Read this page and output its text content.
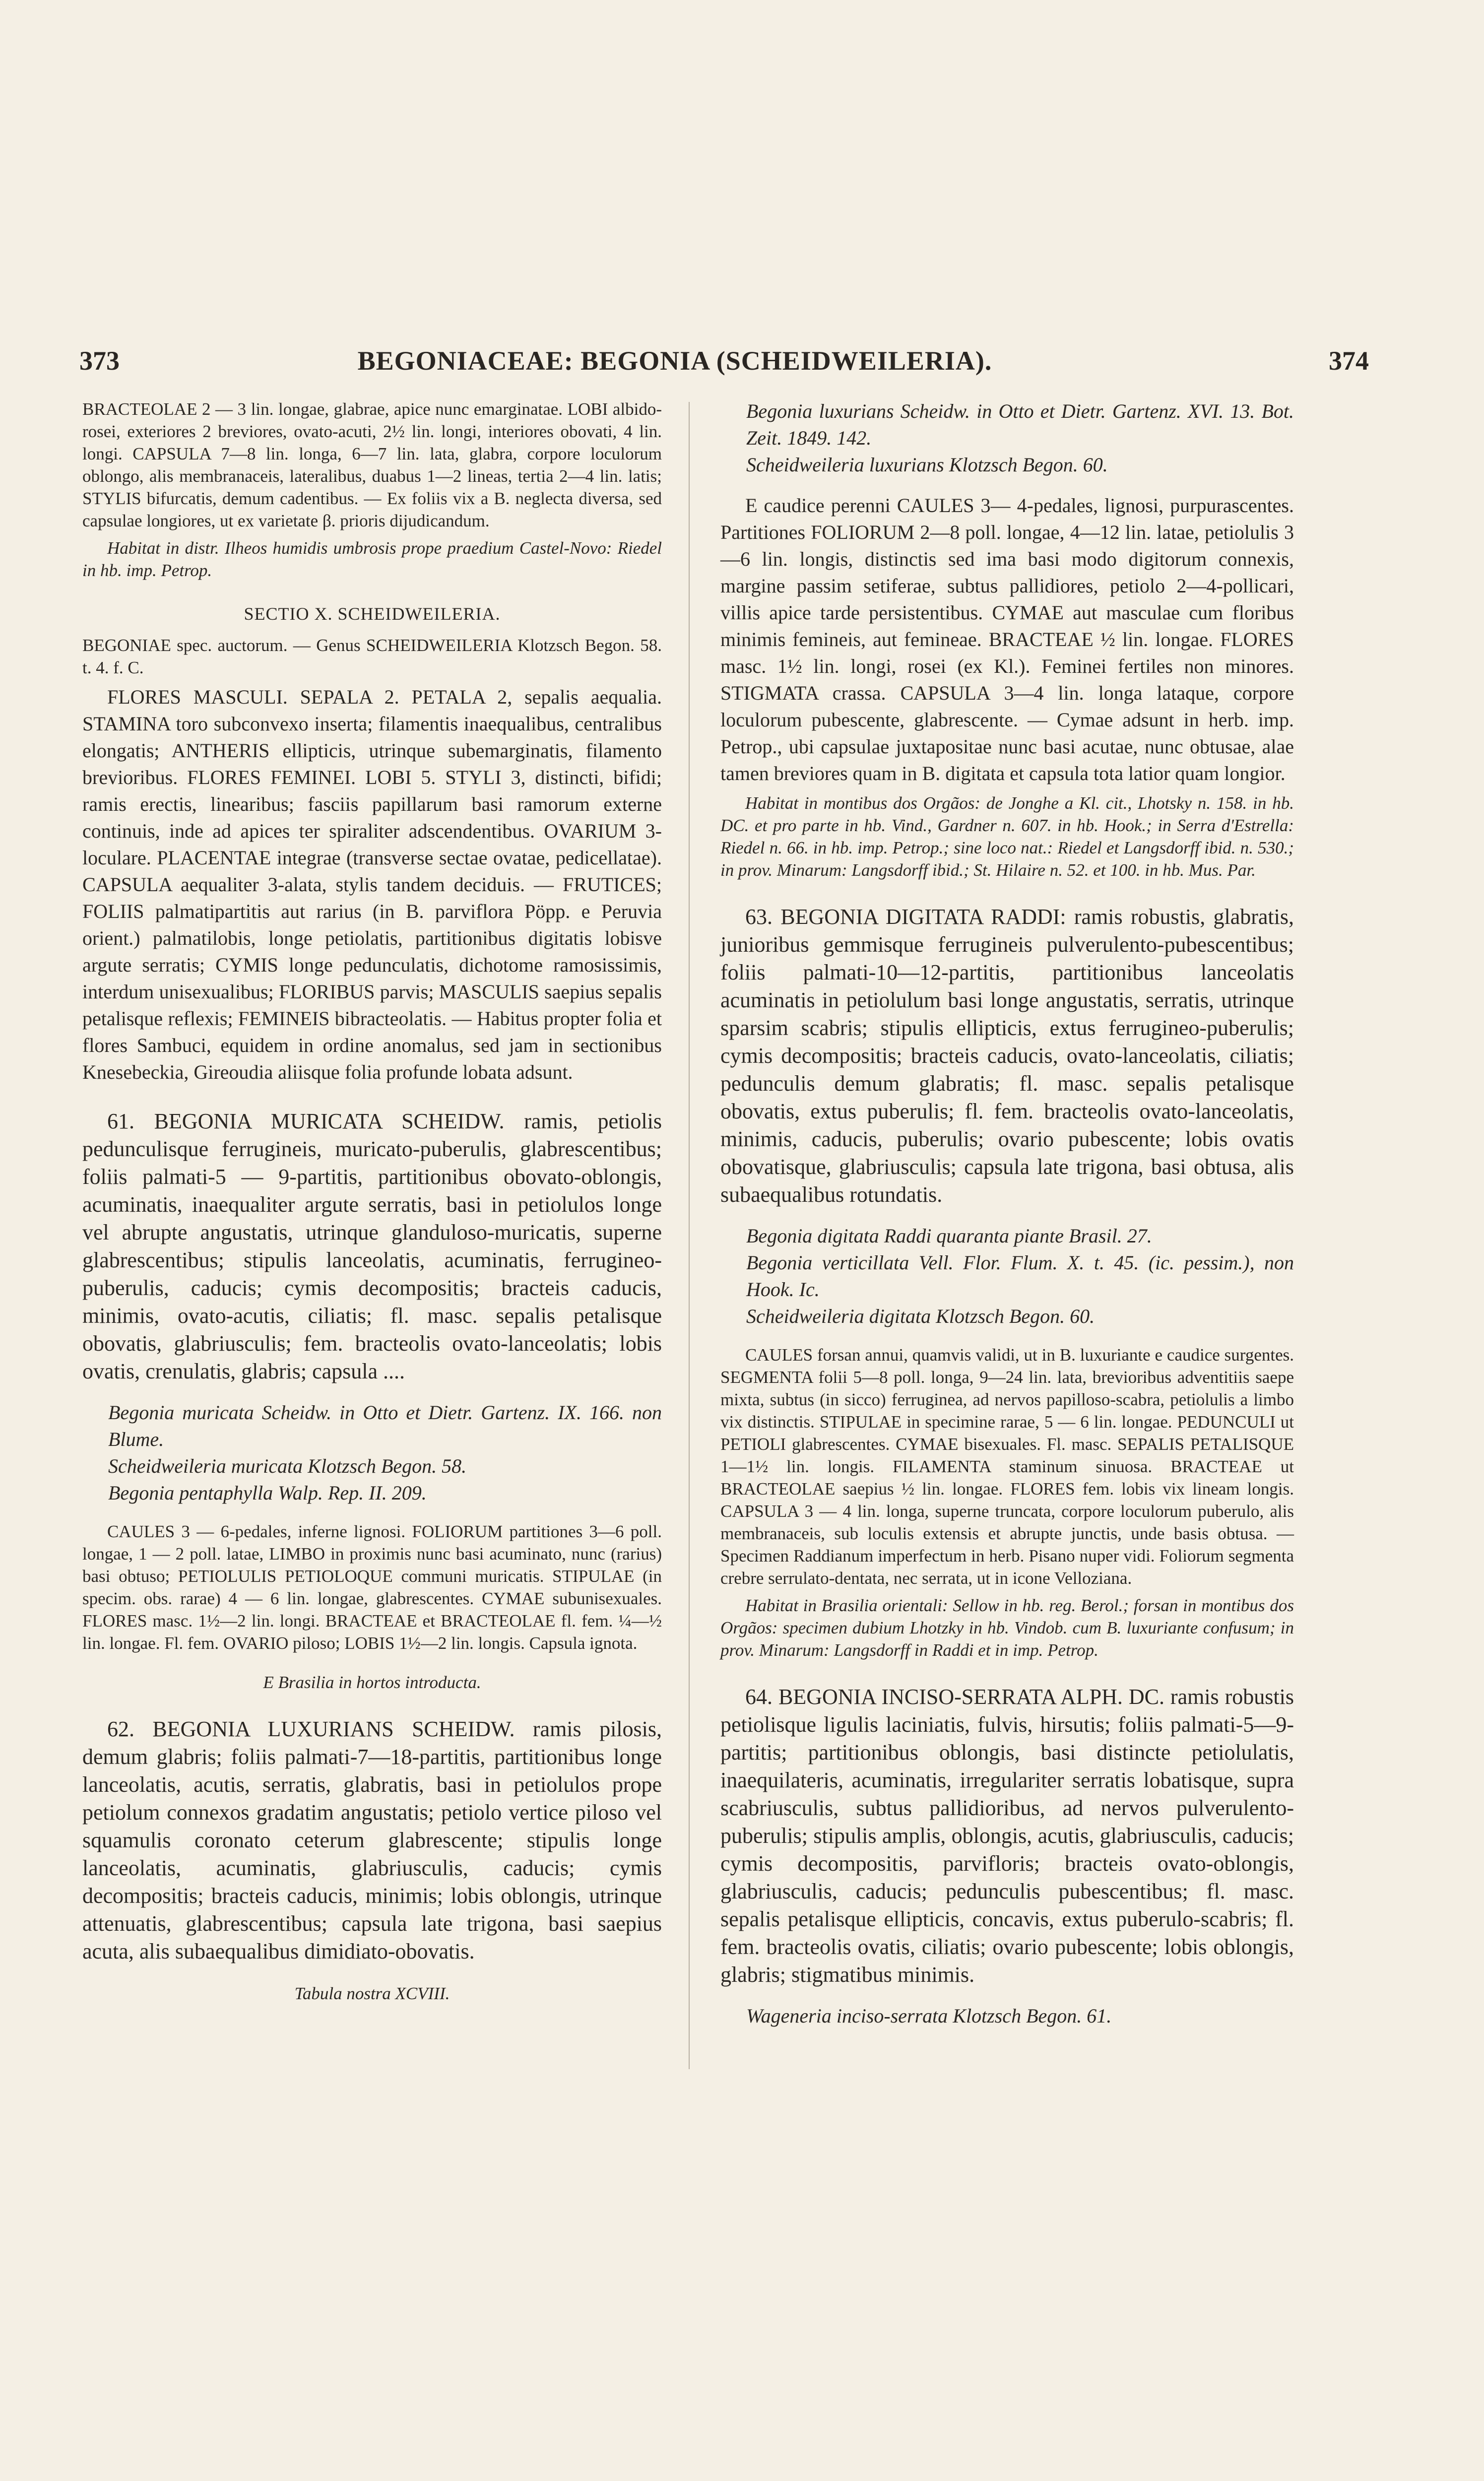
373	BEGONIACEAE: BEGONIA (SCHEIDWEILERIA).	374

BRACTEOLAE 2 — 3 lin. longae, glabrae, apice nunc emarginatae. LOBI albido-rosei, exteriores 2 breviores, ovato-acuti, 2½ lin. longi, interiores obovati, 4 lin. longi. CAPSULA 7—8 lin. longa, 6—7 lin. lata, glabra, corpore loculorum oblongo, alis membranaceis, lateralibus, duabus 1—2 lineas, tertia 2—4 lin. latis; STYLIS bifurcatis, demum cadentibus. — Ex foliis vix a B. neglecta diversa, sed capsulae longiores, ut ex varietate β. prioris dijudicandum.

Habitat in distr. Ilheos humidis umbrosis prope praedium Castel-Novo: Riedel in hb. imp. Petrop.

SECTIO X. SCHEIDWEILERIA.

BEGONIAE spec. auctorum. — Genus SCHEIDWEILERIA Klotzsch Begon. 58. t. 4. f. C.

FLORES MASCULI. SEPALA 2. PETALA 2, sepalis aequalia. STAMINA toro subconvexo inserta; filamentis inaequalibus, centralibus elongatis; ANTHERIS ellipticis, utrinque subemarginatis, filamento brevioribus. FLORES FEMINEI. LOBI 5. STYLI 3, distincti, bifidi; ramis erectis, linearibus; fasciis papillarum basi ramorum externe continuis, inde ad apices ter spiraliter adscendentibus. OVARIUM 3-loculare. PLACENTAE integrae (transverse sectae ovatae, pedicellatae). CAPSULA aequaliter 3-alata, stylis tandem deciduis. — FRUTICES; FOLIIS palmatipartitis aut rarius (in B. parviflora Pöpp. e Peruvia orient.) palmatilobis, longe petiolatis, partitionibus digitatis lobisve argute serratis; CYMIS longe pedunculatis, dichotome ramosissimis, interdum unisexualibus; FLORIBUS parvis; MASCULIS saepius sepalis petalisque reflexis; FEMINEIS bibracteolatis. — Habitus propter folia et flores Sambuci, equidem in ordine anomalus, sed jam in sectionibus Knesebeckia, Gireoudia aliisque folia profunde lobata adsunt.

61. BEGONIA MURICATA SCHEIDW. ramis, petiolis pedunculisque ferrugineis, muricato-puberulis, glabrescentibus; foliis palmati-5 — 9-partitis, partitionibus obovato-oblongis, acuminatis, inaequaliter argute serratis, basi in petiolulos longe vel abrupte angustatis, utrinque glanduloso-muricatis, superne glabrescentibus; stipulis lanceolatis, acuminatis, ferrugineo-puberulis, caducis; cymis decompositis; bracteis caducis, minimis, ovato-acutis, ciliatis; fl. masc. sepalis petalisque obovatis, glabriusculis; fem. bracteolis ovato-lanceolatis; lobis ovatis, crenulatis, glabris; capsula ....

Begonia muricata Scheidw. in Otto et Dietr. Gartenz. IX. 166. non Blume.

Scheidweileria muricata Klotzsch Begon. 58.

Begonia pentaphylla Walp. Rep. II. 209.

CAULES 3 — 6-pedales, inferne lignosi. FOLIORUM partitiones 3—6 poll. longae, 1 — 2 poll. latae, LIMBO in proximis nunc basi acuminato, nunc (rarius) basi obtuso; PETIOLULIS PETIOLOQUE communi muricatis. STIPULAE (in specim. obs. rarae) 4 — 6 lin. longae, glabrescentes. CYMAE subunisexuales. FLORES masc. 1½—2 lin. longi. BRACTEAE et BRACTEOLAE fl. fem. ¼—½ lin. longae. Fl. fem. OVARIO piloso; LOBIS 1½—2 lin. longis. Capsula ignota.

E Brasilia in hortos introducta.

62. BEGONIA LUXURIANS SCHEIDW. ramis pilosis, demum glabris; foliis palmati-7—18-partitis, partitionibus longe lanceolatis, acutis, serratis, glabratis, basi in petiolulos prope petiolum connexos gradatim angustatis; petiolo vertice piloso vel squamulis coronato ceterum glabrescente; stipulis longe lanceolatis, acuminatis, glabriusculis, caducis; cymis decompositis; bracteis caducis, minimis; lobis oblongis, utrinque attenuatis, glabrescentibus; capsula late trigona, basi saepius acuta, alis subaequalibus dimidiato-obovatis.

Tabula nostra XCVIII.

Begonia luxurians Scheidw. in Otto et Dietr. Gartenz. XVI. 13. Bot. Zeit. 1849. 142.

Scheidweileria luxurians Klotzsch Begon. 60.

E caudice perenni CAULES 3— 4-pedales, lignosi, purpurascentes. Partitiones FOLIORUM 2—8 poll. longae, 4—12 lin. latae, petiolulis 3—6 lin. longis, distinctis sed ima basi modo digitorum connexis, margine passim setiferae, subtus pallidiores, petiolo 2—4-pollicari, villis apice tarde persistentibus. CYMAE aut masculae cum floribus minimis femineis, aut femineae. BRACTEAE ½ lin. longae. FLORES masc. 1½ lin. longi, rosei (ex Kl.). Feminei fertiles non minores. STIGMATA crassa. CAPSULA 3—4 lin. longa lataque, corpore loculorum pubescente, glabrescente. — Cymae adsunt in herb. imp. Petrop., ubi capsulae juxtapositae nunc basi acutae, nunc obtusae, alae tamen breviores quam in B. digitata et capsula tota latior quam longior.

Habitat in montibus dos Orgãos: de Jonghe a Kl. cit., Lhotsky n. 158. in hb. DC. et pro parte in hb. Vind., Gardner n. 607. in hb. Hook.; in Serra d'Estrella: Riedel n. 66. in hb. imp. Petrop.; sine loco nat.: Riedel et Langsdorff ibid. n. 530.; in prov. Minarum: Langsdorff ibid.; St. Hilaire n. 52. et 100. in hb. Mus. Par.

63. BEGONIA DIGITATA RADDI: ramis robustis, glabratis, junioribus gemmisque ferrugineis pulverulento-pubescentibus; foliis palmati-10—12-partitis, partitionibus lanceolatis acuminatis in petiolulum basi longe angustatis, serratis, utrinque sparsim scabris; stipulis ellipticis, extus ferrugineo-puberulis; cymis decompositis; bracteis caducis, ovato-lanceolatis, ciliatis; pedunculis demum glabratis; fl. masc. sepalis petalisque obovatis, extus puberulis; fl. fem. bracteolis ovato-lanceolatis, minimis, caducis, puberulis; ovario pubescente; lobis ovatis obovatisque, glabriusculis; capsula late trigona, basi obtusa, alis subaequalibus rotundatis.

Begonia digitata Raddi quaranta piante Brasil. 27.

Begonia verticillata Vell. Flor. Flum. X. t. 45. (ic. pessim.), non Hook. Ic.

Scheidweileria digitata Klotzsch Begon. 60.

CAULES forsan annui, quamvis validi, ut in B. luxuriante e caudice surgentes. SEGMENTA folii 5—8 poll. longa, 9—24 lin. lata, brevioribus adventitiis saepe mixta, subtus (in sicco) ferruginea, ad nervos papilloso-scabra, petiolulis a limbo vix distinctis. STIPULAE in specimine rarae, 5 — 6 lin. longae. PEDUNCULI ut PETIOLI glabrescentes. CYMAE bisexuales. Fl. masc. SEPALIS PETALISQUE 1—1½ lin. longis. FILAMENTA staminum sinuosa. BRACTEAE ut BRACTEOLAE saepius ½ lin. longae. FLORES fem. lobis vix lineam longis. CAPSULA 3 — 4 lin. longa, superne truncata, corpore loculorum puberulo, alis membranaceis, sub loculis extensis et abrupte junctis, unde basis obtusa. — Specimen Raddianum imperfectum in herb. Pisano nuper vidi. Foliorum segmenta crebre serrulato-dentata, nec serrata, ut in icone Velloziana.

Habitat in Brasilia orientali: Sellow in hb. reg. Berol.; forsan in montibus dos Orgãos: specimen dubium Lhotzky in hb. Vindob. cum B. luxuriante confusum; in prov. Minarum: Langsdorff in Raddi et in imp. Petrop.

64. BEGONIA INCISO-SERRATA ALPH. DC. ramis robustis petiolisque ligulis laciniatis, fulvis, hirsutis; foliis palmati-5—9-partitis; partitionibus oblongis, basi distincte petiolulatis, inaequilateris, acuminatis, irregulariter serratis lobatisque, supra scabriusculis, subtus pallidioribus, ad nervos pulverulento-puberulis; stipulis amplis, oblongis, acutis, glabriusculis, caducis; cymis decompositis, parvifloris; bracteis ovato-oblongis, glabriusculis, caducis; pedunculis pubescentibus; fl. masc. sepalis petalisque ellipticis, concavis, extus puberulo-scabris; fl. fem. bracteolis ovatis, ciliatis; ovario pubescente; lobis oblongis, glabris; stigmatibus minimis.

Wageneria inciso-serrata Klotzsch Begon. 61.
